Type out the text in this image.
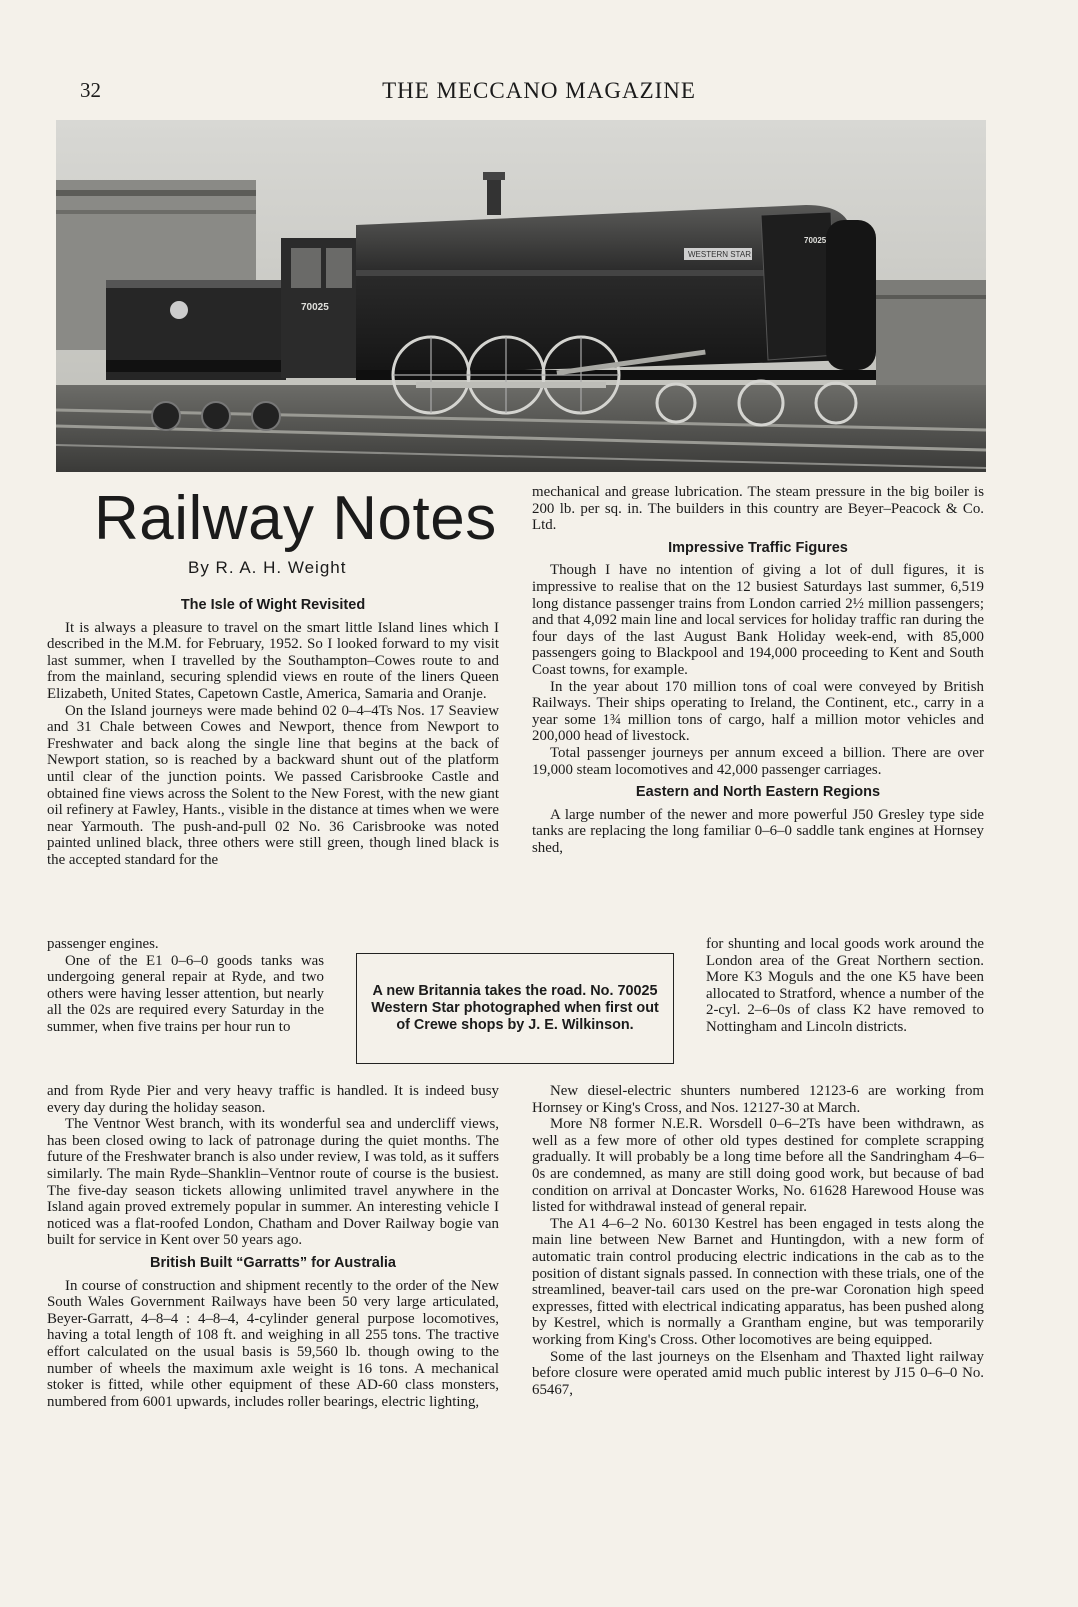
32	THE MECCANO MAGAZINE
70025
70025
WESTERN STAR
Railway Notes
By R. A. H. Weight
The Isle of Wight Revisited

It is always a pleasure to travel on the smart little Island lines which I described in the M.M. for February, 1952. So I looked forward to my visit last summer, when I travelled by the Southampton–Cowes route to and from the mainland, securing splendid views en route of the liners Queen Elizabeth, United States, Capetown Castle, America, Samaria and Oranje.

On the Island journeys were made behind 02 0–4–4Ts Nos. 17 Seaview and 31 Chale between Cowes and Newport, thence from Newport to Freshwater and back along the single line that begins at the back of Newport station, so is reached by a backward shunt out of the platform until clear of the junction points. We passed Carisbrooke Castle and obtained fine views across the Solent to the New Forest, with the new giant oil refinery at Fawley, Hants., visible in the distance at times when we were near Yarmouth. The push-and-pull 02 No. 36 Carisbrooke was noted painted unlined black, three others were still green, though lined black is the accepted standard for the

passenger engines.

One of the E1 0–6–0 goods tanks was undergoing general repair at Ryde, and two others were having lesser attention, but nearly all the 02s are required every Saturday in the summer, when five trains per hour run to

A new Britannia takes the road. No. 70025 Western Star photographed when first out of Crewe shops by J. E. Wilkinson.

mechanical and grease lubrication. The steam pressure in the big boiler is 200 lb. per sq. in. The builders in this country are Beyer–Peacock & Co. Ltd.

Impressive Traffic Figures

Though I have no intention of giving a lot of dull figures, it is impressive to realise that on the 12 busiest Saturdays last summer, 6,519 long distance passenger trains from London carried 2½ million passengers; and that 4,092 main line and local services for holiday traffic ran during the four days of the last August Bank Holiday week-end, with 85,000 passengers going to Blackpool and 194,000 proceeding to Kent and South Coast towns, for example.

In the year about 170 million tons of coal were conveyed by British Railways. Their ships operating to Ireland, the Continent, etc., carry in a year some 1¾ million tons of cargo, half a million motor vehicles and 200,000 head of livestock.

Total passenger journeys per annum exceed a billion. There are over 19,000 steam locomotives and 42,000 passenger carriages.

Eastern and North Eastern Regions

A large number of the newer and more powerful J50 Gresley type side tanks are replacing the long familiar 0–6–0 saddle tank engines at Hornsey shed,

for shunting and local goods work around the London area of the Great Northern section. More K3 Moguls and the one K5 have been allocated to Stratford, whence a number of the 2-cyl. 2–6–0s of class K2 have removed to Nottingham and Lincoln districts.

and from Ryde Pier and very heavy traffic is handled. It is indeed busy every day during the holiday season.

The Ventnor West branch, with its wonderful sea and undercliff views, has been closed owing to lack of patronage during the quiet months. The future of the Freshwater branch is also under review, I was told, as it suffers similarly. The main Ryde–Shanklin–Ventnor route of course is the busiest. The five-day season tickets allowing unlimited travel anywhere in the Island again proved extremely popular in summer. An interesting vehicle I noticed was a flat-roofed London, Chatham and Dover Railway bogie van built for service in Kent over 50 years ago.

British Built “Garratts” for Australia

In course of construction and shipment recently to the order of the New South Wales Government Railways have been 50 very large articulated, Beyer-Garratt, 4–8–4 : 4–8–4, 4-cylinder general purpose locomotives, having a total length of 108 ft. and weighing in all 255 tons. The tractive effort calculated on the usual basis is 59,560 lb. though owing to the number of wheels the maximum axle weight is 16 tons. A mechanical stoker is fitted, while other equipment of these AD-60 class monsters, numbered from 6001 upwards, includes roller bearings, electric lighting,

New diesel-electric shunters numbered 12123-6 are working from Hornsey or King's Cross, and Nos. 12127-30 at March.

More N8 former N.E.R. Worsdell 0–6–2Ts have been withdrawn, as well as a few more of other old types destined for complete scrapping gradually. It will probably be a long time before all the Sandringham 4–6–0s are condemned, as many are still doing good work, but because of bad condition on arrival at Doncaster Works, No. 61628 Harewood House was listed for withdrawal instead of general repair.

The A1 4–6–2 No. 60130 Kestrel has been engaged in tests along the main line between New Barnet and Huntingdon, with a new form of automatic train control producing electric indications in the cab as to the position of distant signals passed. In connection with these trials, one of the streamlined, beaver-tail cars used on the pre-war Coronation high speed expresses, fitted with electrical indicating apparatus, has been pushed along by Kestrel, which is normally a Grantham engine, but was temporarily working from King's Cross. Other locomotives are being equipped.

Some of the last journeys on the Elsenham and Thaxted light railway before closure were operated amid much public interest by J15 0–6–0 No. 65467,
